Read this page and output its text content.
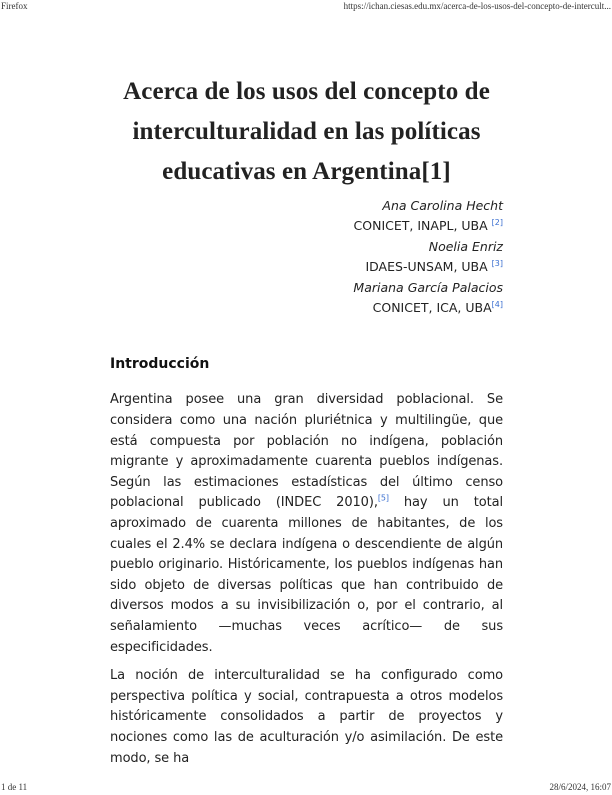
Firefox	https://ichan.ciesas.edu.mx/acerca-de-los-usos-del-concepto-de-intercult...
Acerca de los usos del concepto de interculturalidad en las políticas educativas en Argentina[1]
Ana Carolina Hecht
CONICET, INAPL, UBA [2]
Noelia Enriz
IDAES-UNSAM, UBA [3]
Mariana García Palacios
CONICET, ICA, UBA[4]
Introducción

Argentina posee una gran diversidad poblacional. Se considera como una nación pluriétnica y multilingüe, que está compuesta por población no indígena, población migrante y aproximadamente cuarenta pueblos indígenas. Según las estimaciones estadísticas del último censo poblacional publicado (INDEC 2010),[5] hay un total aproximado de cuarenta millones de habitantes, de los cuales el 2.4% se declara indígena o descendiente de algún pueblo originario. Históricamente, los pueblos indígenas han sido objeto de diversas políticas que han contribuido de diversos modos a su invisibilización o, por el contrario, al señalamiento —muchas veces acrítico— de sus especificidades.

La noción de interculturalidad se ha configurado como perspectiva política y social, contrapuesta a otros modelos históricamente consolidados a partir de proyectos y nociones como las de aculturación y/o asimilación. De este modo, se ha

1 de 11	28/6/2024, 16:07
